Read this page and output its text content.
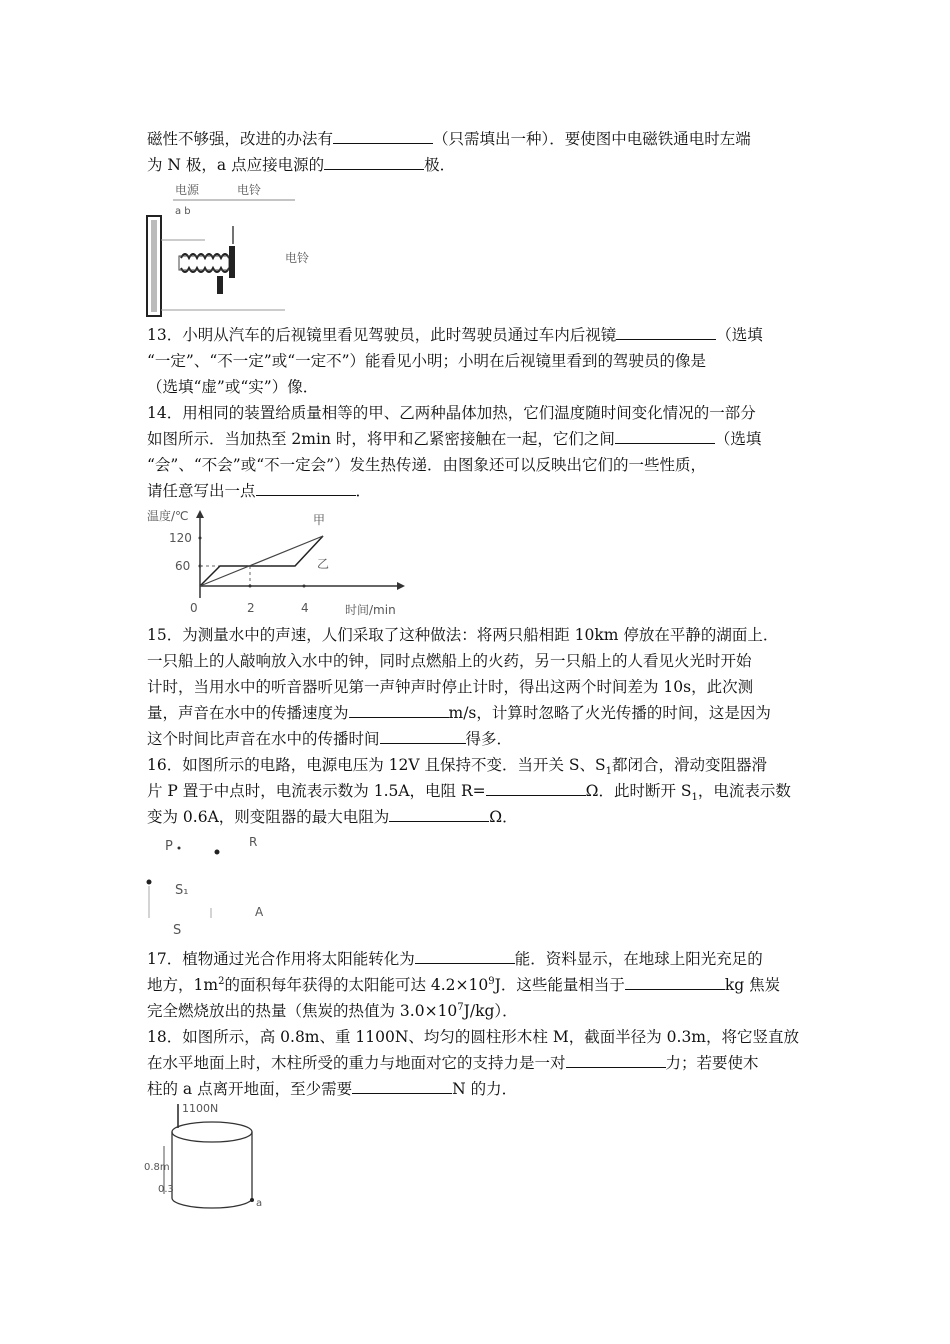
磁性不够强，改进的办法有	（只需填出一种）．要使图中电磁铁通电时左端
为 N 极，a 点应接电源的	极．
电源	电铃
a b
电铃
13．小明从汽车的后视镜里看见驾驶员，此时驾驶员通过车内后视镜	（选填
“一定”、“不一定”或“一定不”）能看见小明；小明在后视镜里看到的驾驶员的像是
（选填“虚”或“实”）像．
14．用相同的装置给质量相等的甲、乙两种晶体加热，它们温度随时间变化情况的一部分
如图所示．当加热至 2min 时，将甲和乙紧密接触在一起，它们之间	（选填
“会”、“不会”或“不一定会”）发生热传递．由图象还可以反映出它们的一些性质，
请任意写出一点	．
温度/℃
120
60
0	2	4	时间/min
甲
乙
15．为测量水中的声速，人们采取了这种做法：将两只船相距 10km 停放在平静的湖面上．
一只船上的人敲响放入水中的钟，同时点燃船上的火药，另一只船上的人看见火光时开始
计时，当用水中的听音器听见第一声钟声时停止计时，得出这两个时间差为 10s，此次测
量，声音在水中的传播速度为	m/s，计算时忽略了火光传播的时间，这是因为
这个时间比声音在水中的传播时间	得多．
16．如图所示的电路，电源电压为 12V 且保持不变．当开关 S、$S_1$都闭合，滑动变阻器滑
片 P 置于中点时，电流表示数为 1.5A，电阻 R=	Ω．此时断开 $S_1$，电流表示数
变为 0.6A，则变阻器的最大电阻为	Ω．
P	R
S₁
A
S
17．植物通过光合作用将太阳能转化为	能．资料显示，在地球上阳光充足的
地方，$1m^2$的面积每年获得的太阳能可达 $4.2\times 10^9J$．这些能量相当于	kg 焦炭
完全燃烧放出的热量（焦炭的热值为 $3.0\times 10^7J/kg$）．
18．如图所示，高 0.8m、重 1100N、均匀的圆柱形木柱 M，截面半径为 0.3m，将它竖直放
在水平地面上时，木柱所受的重力与地面对它的支持力是一对	力；若要使木
柱的 a 点离开地面，至少需要	N 的力．
1100N
0.8m
0.3
a
